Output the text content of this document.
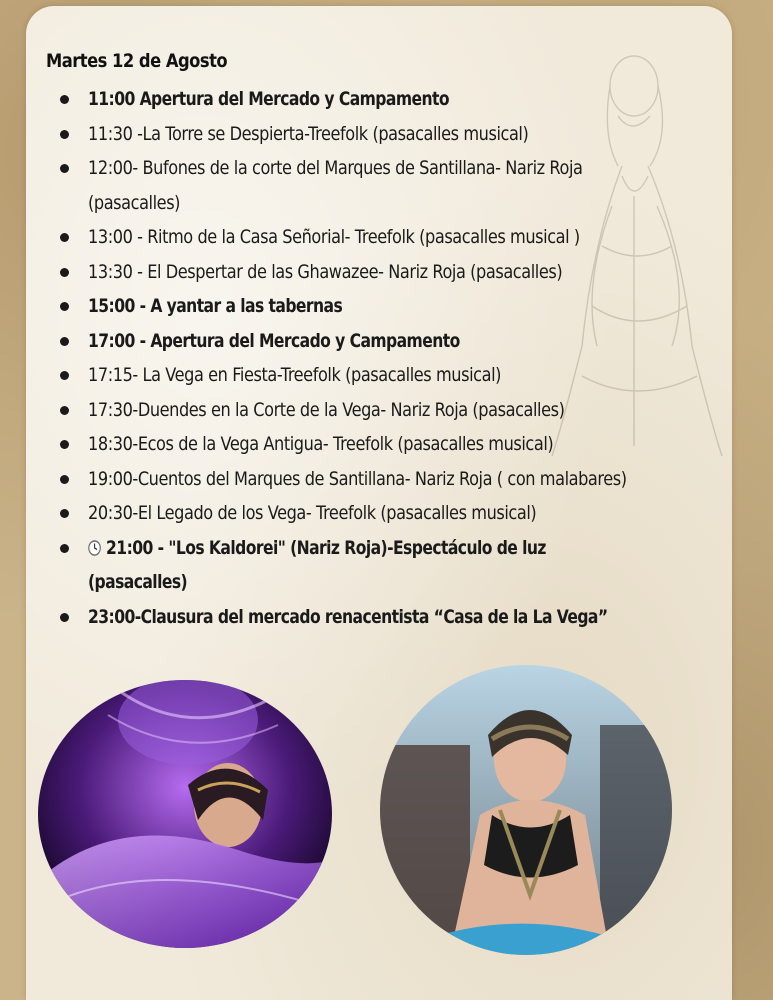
Martes 12 de Agosto
11:00 Apertura del Mercado y Campamento
11:30 -La Torre se Despierta-Treefolk (pasacalles musical)
12:00- Bufones de la corte del Marques de Santillana- Nariz Roja
(pasacalles)
13:00 - Ritmo de la Casa Señorial- Treefolk (pasacalles musical )
13:30 - El Despertar de las Ghawazee- Nariz Roja (pasacalles)
15:00 - A yantar a las tabernas
17:00 - Apertura del Mercado y Campamento
17:15- La Vega en Fiesta-Treefolk (pasacalles musical)
17:30-Duendes en la Corte de la Vega- Nariz Roja (pasacalles)
18:30-Ecos de la Vega Antigua- Treefolk (pasacalles musical)
19:00-Cuentos del Marques de Santillana- Nariz Roja ( con malabares)
20:30-El Legado de los Vega- Treefolk (pasacalles musical)
21:00 - "Los Kaldorei" (Nariz Roja)-Espectáculo de luz
(pasacalles)
23:00-Clausura del mercado renacentista “Casa de la La Vega”
